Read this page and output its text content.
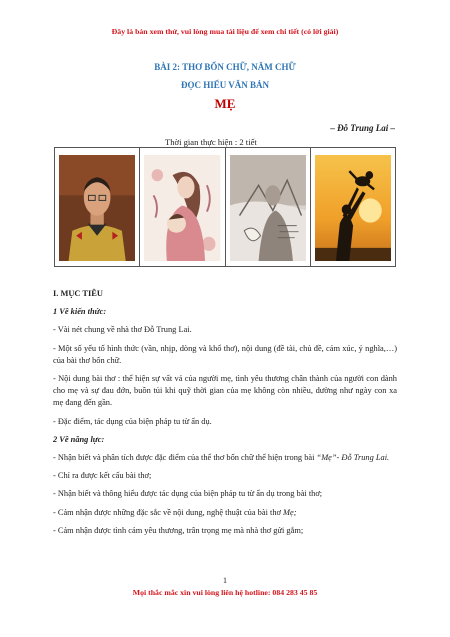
Đây là bản xem thử, vui lòng mua tài liệu để xem chi tiết (có lời giải)
BÀI 2: THƠ BỐN CHỮ, NĂM CHỮ
ĐỌC HIỂU VĂN BẢN
MẸ
– Đỗ Trung Lai –
Thời gian thực hiện : 2 tiết

I. MỤC TIÊU

1 Về kiến thức:

- Vài nét chung về nhà thơ Đỗ Trung Lai.

- Một số yếu tố hình thức (vần, nhịp, dòng và khổ thơ), nội dung (đề tài, chủ đề, cảm xúc, ý nghĩa,…) của bài thơ bốn chữ.

- Nội dung bài thơ : thể hiện sự vất vả của người mẹ, tình yêu thương chân thành của người con dành cho mẹ và sự đau đớn, buồn tủi khi quỹ thời gian của mẹ không còn nhiều, dường như ngày con xa mẹ đang đến gần.

- Đặc điểm, tác dụng của biện pháp tu từ ẩn dụ.

2 Về năng lực:

- Nhận biết và phân tích được đặc điểm của thể thơ bốn chữ thể hiện trong bài “Mẹ”- Đỗ Trung Lai.

- Chỉ ra được kết cấu bài thơ;

- Nhận biết và thông hiểu được tác dụng của biện pháp tu từ ẩn dụ trong bài thơ;

- Cảm nhận được những đặc sắc về nội dung, nghệ thuật của bài thơ Mẹ;

- Cảm nhận được tình cảm yêu thương, trân trọng mẹ mà nhà thơ gửi gắm;

1
Mọi thắc mắc xin vui lòng liên hệ hotline: 084 283 45 85
